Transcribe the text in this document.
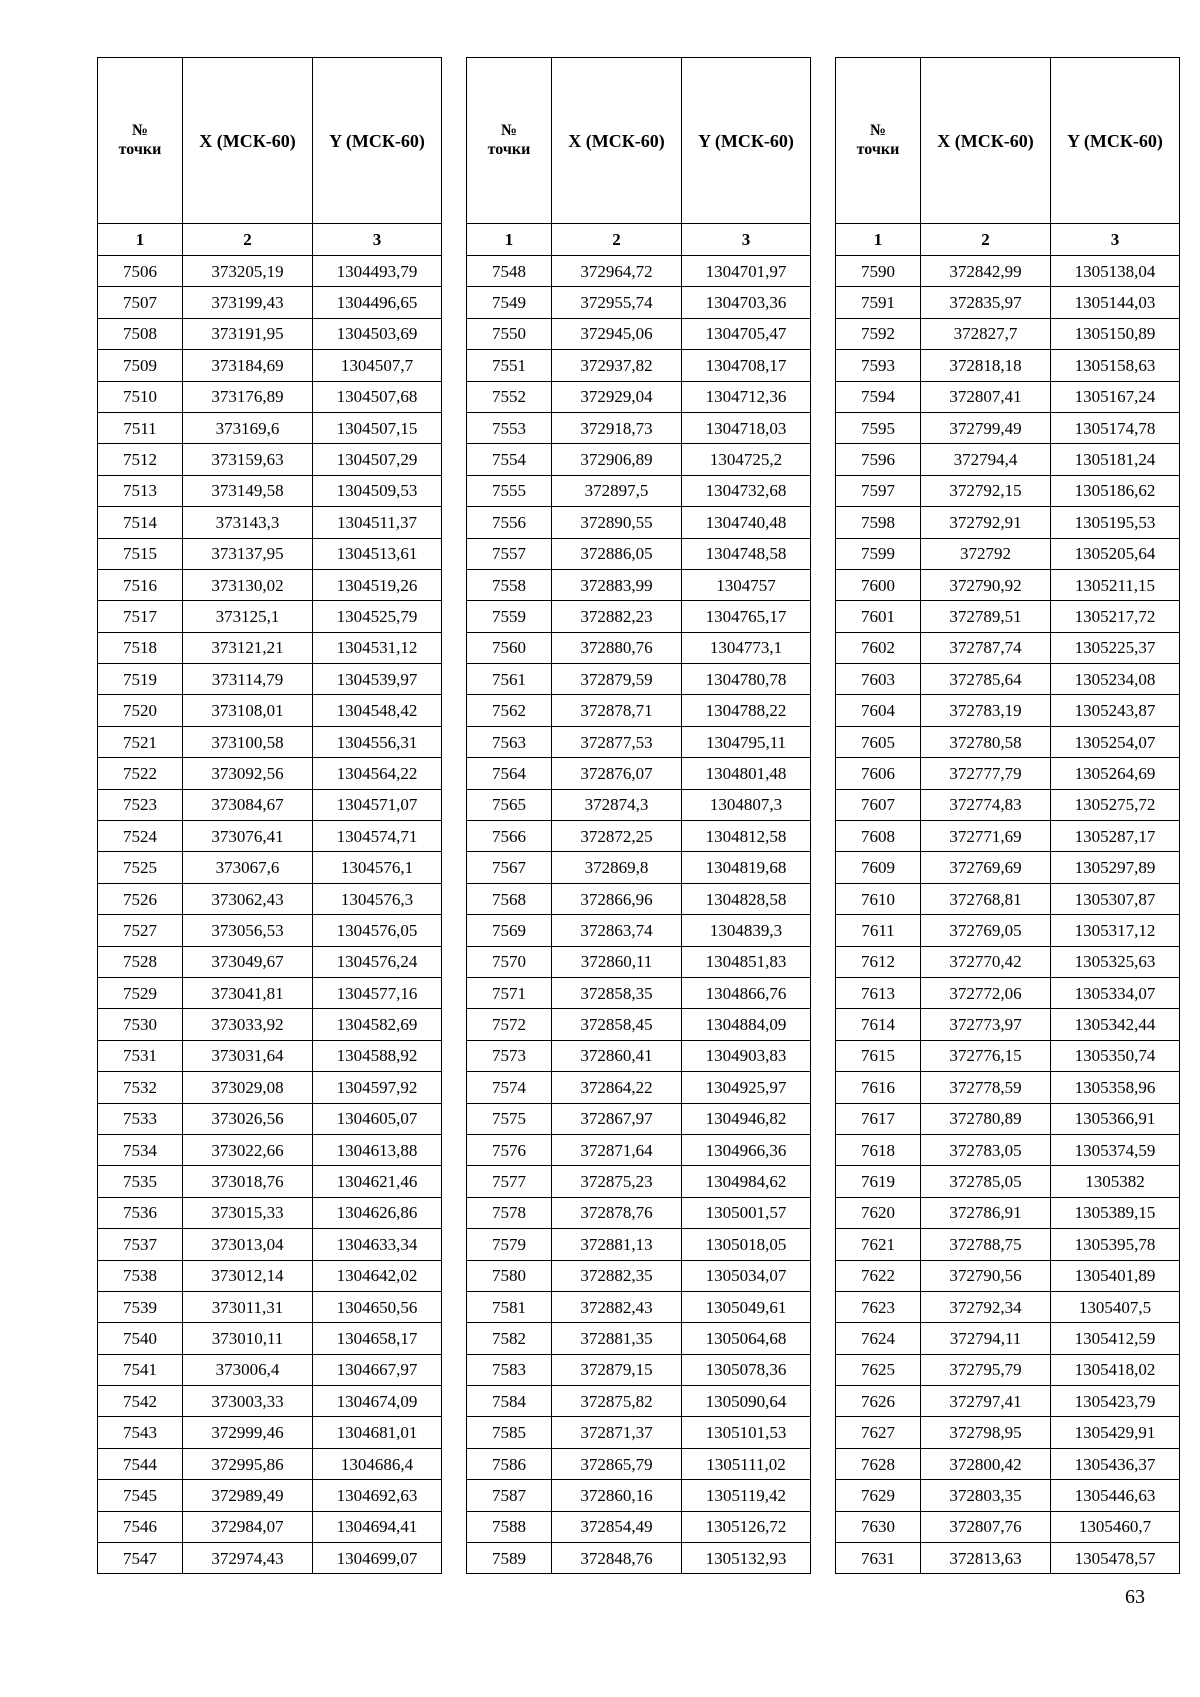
№
точки	X (МСК-60)	Y (МСК-60)
1	2	3
7506	373205,19	1304493,79
7507	373199,43	1304496,65
7508	373191,95	1304503,69
7509	373184,69	1304507,7
7510	373176,89	1304507,68
7511	373169,6	1304507,15
7512	373159,63	1304507,29
7513	373149,58	1304509,53
7514	373143,3	1304511,37
7515	373137,95	1304513,61
7516	373130,02	1304519,26
7517	373125,1	1304525,79
7518	373121,21	1304531,12
7519	373114,79	1304539,97
7520	373108,01	1304548,42
7521	373100,58	1304556,31
7522	373092,56	1304564,22
7523	373084,67	1304571,07
7524	373076,41	1304574,71
7525	373067,6	1304576,1
7526	373062,43	1304576,3
7527	373056,53	1304576,05
7528	373049,67	1304576,24
7529	373041,81	1304577,16
7530	373033,92	1304582,69
7531	373031,64	1304588,92
7532	373029,08	1304597,92
7533	373026,56	1304605,07
7534	373022,66	1304613,88
7535	373018,76	1304621,46
7536	373015,33	1304626,86
7537	373013,04	1304633,34
7538	373012,14	1304642,02
7539	373011,31	1304650,56
7540	373010,11	1304658,17
7541	373006,4	1304667,97
7542	373003,33	1304674,09
7543	372999,46	1304681,01
7544	372995,86	1304686,4
7545	372989,49	1304692,63
7546	372984,07	1304694,41
7547	372974,43	1304699,07
№
точки	X (МСК-60)	Y (МСК-60)
1	2	3
7548	372964,72	1304701,97
7549	372955,74	1304703,36
7550	372945,06	1304705,47
7551	372937,82	1304708,17
7552	372929,04	1304712,36
7553	372918,73	1304718,03
7554	372906,89	1304725,2
7555	372897,5	1304732,68
7556	372890,55	1304740,48
7557	372886,05	1304748,58
7558	372883,99	1304757
7559	372882,23	1304765,17
7560	372880,76	1304773,1
7561	372879,59	1304780,78
7562	372878,71	1304788,22
7563	372877,53	1304795,11
7564	372876,07	1304801,48
7565	372874,3	1304807,3
7566	372872,25	1304812,58
7567	372869,8	1304819,68
7568	372866,96	1304828,58
7569	372863,74	1304839,3
7570	372860,11	1304851,83
7571	372858,35	1304866,76
7572	372858,45	1304884,09
7573	372860,41	1304903,83
7574	372864,22	1304925,97
7575	372867,97	1304946,82
7576	372871,64	1304966,36
7577	372875,23	1304984,62
7578	372878,76	1305001,57
7579	372881,13	1305018,05
7580	372882,35	1305034,07
7581	372882,43	1305049,61
7582	372881,35	1305064,68
7583	372879,15	1305078,36
7584	372875,82	1305090,64
7585	372871,37	1305101,53
7586	372865,79	1305111,02
7587	372860,16	1305119,42
7588	372854,49	1305126,72
7589	372848,76	1305132,93
№
точки	X (МСК-60)	Y (МСК-60)
1	2	3
7590	372842,99	1305138,04
7591	372835,97	1305144,03
7592	372827,7	1305150,89
7593	372818,18	1305158,63
7594	372807,41	1305167,24
7595	372799,49	1305174,78
7596	372794,4	1305181,24
7597	372792,15	1305186,62
7598	372792,91	1305195,53
7599	372792	1305205,64
7600	372790,92	1305211,15
7601	372789,51	1305217,72
7602	372787,74	1305225,37
7603	372785,64	1305234,08
7604	372783,19	1305243,87
7605	372780,58	1305254,07
7606	372777,79	1305264,69
7607	372774,83	1305275,72
7608	372771,69	1305287,17
7609	372769,69	1305297,89
7610	372768,81	1305307,87
7611	372769,05	1305317,12
7612	372770,42	1305325,63
7613	372772,06	1305334,07
7614	372773,97	1305342,44
7615	372776,15	1305350,74
7616	372778,59	1305358,96
7617	372780,89	1305366,91
7618	372783,05	1305374,59
7619	372785,05	1305382
7620	372786,91	1305389,15
7621	372788,75	1305395,78
7622	372790,56	1305401,89
7623	372792,34	1305407,5
7624	372794,11	1305412,59
7625	372795,79	1305418,02
7626	372797,41	1305423,79
7627	372798,95	1305429,91
7628	372800,42	1305436,37
7629	372803,35	1305446,63
7630	372807,76	1305460,7
7631	372813,63	1305478,57
63
